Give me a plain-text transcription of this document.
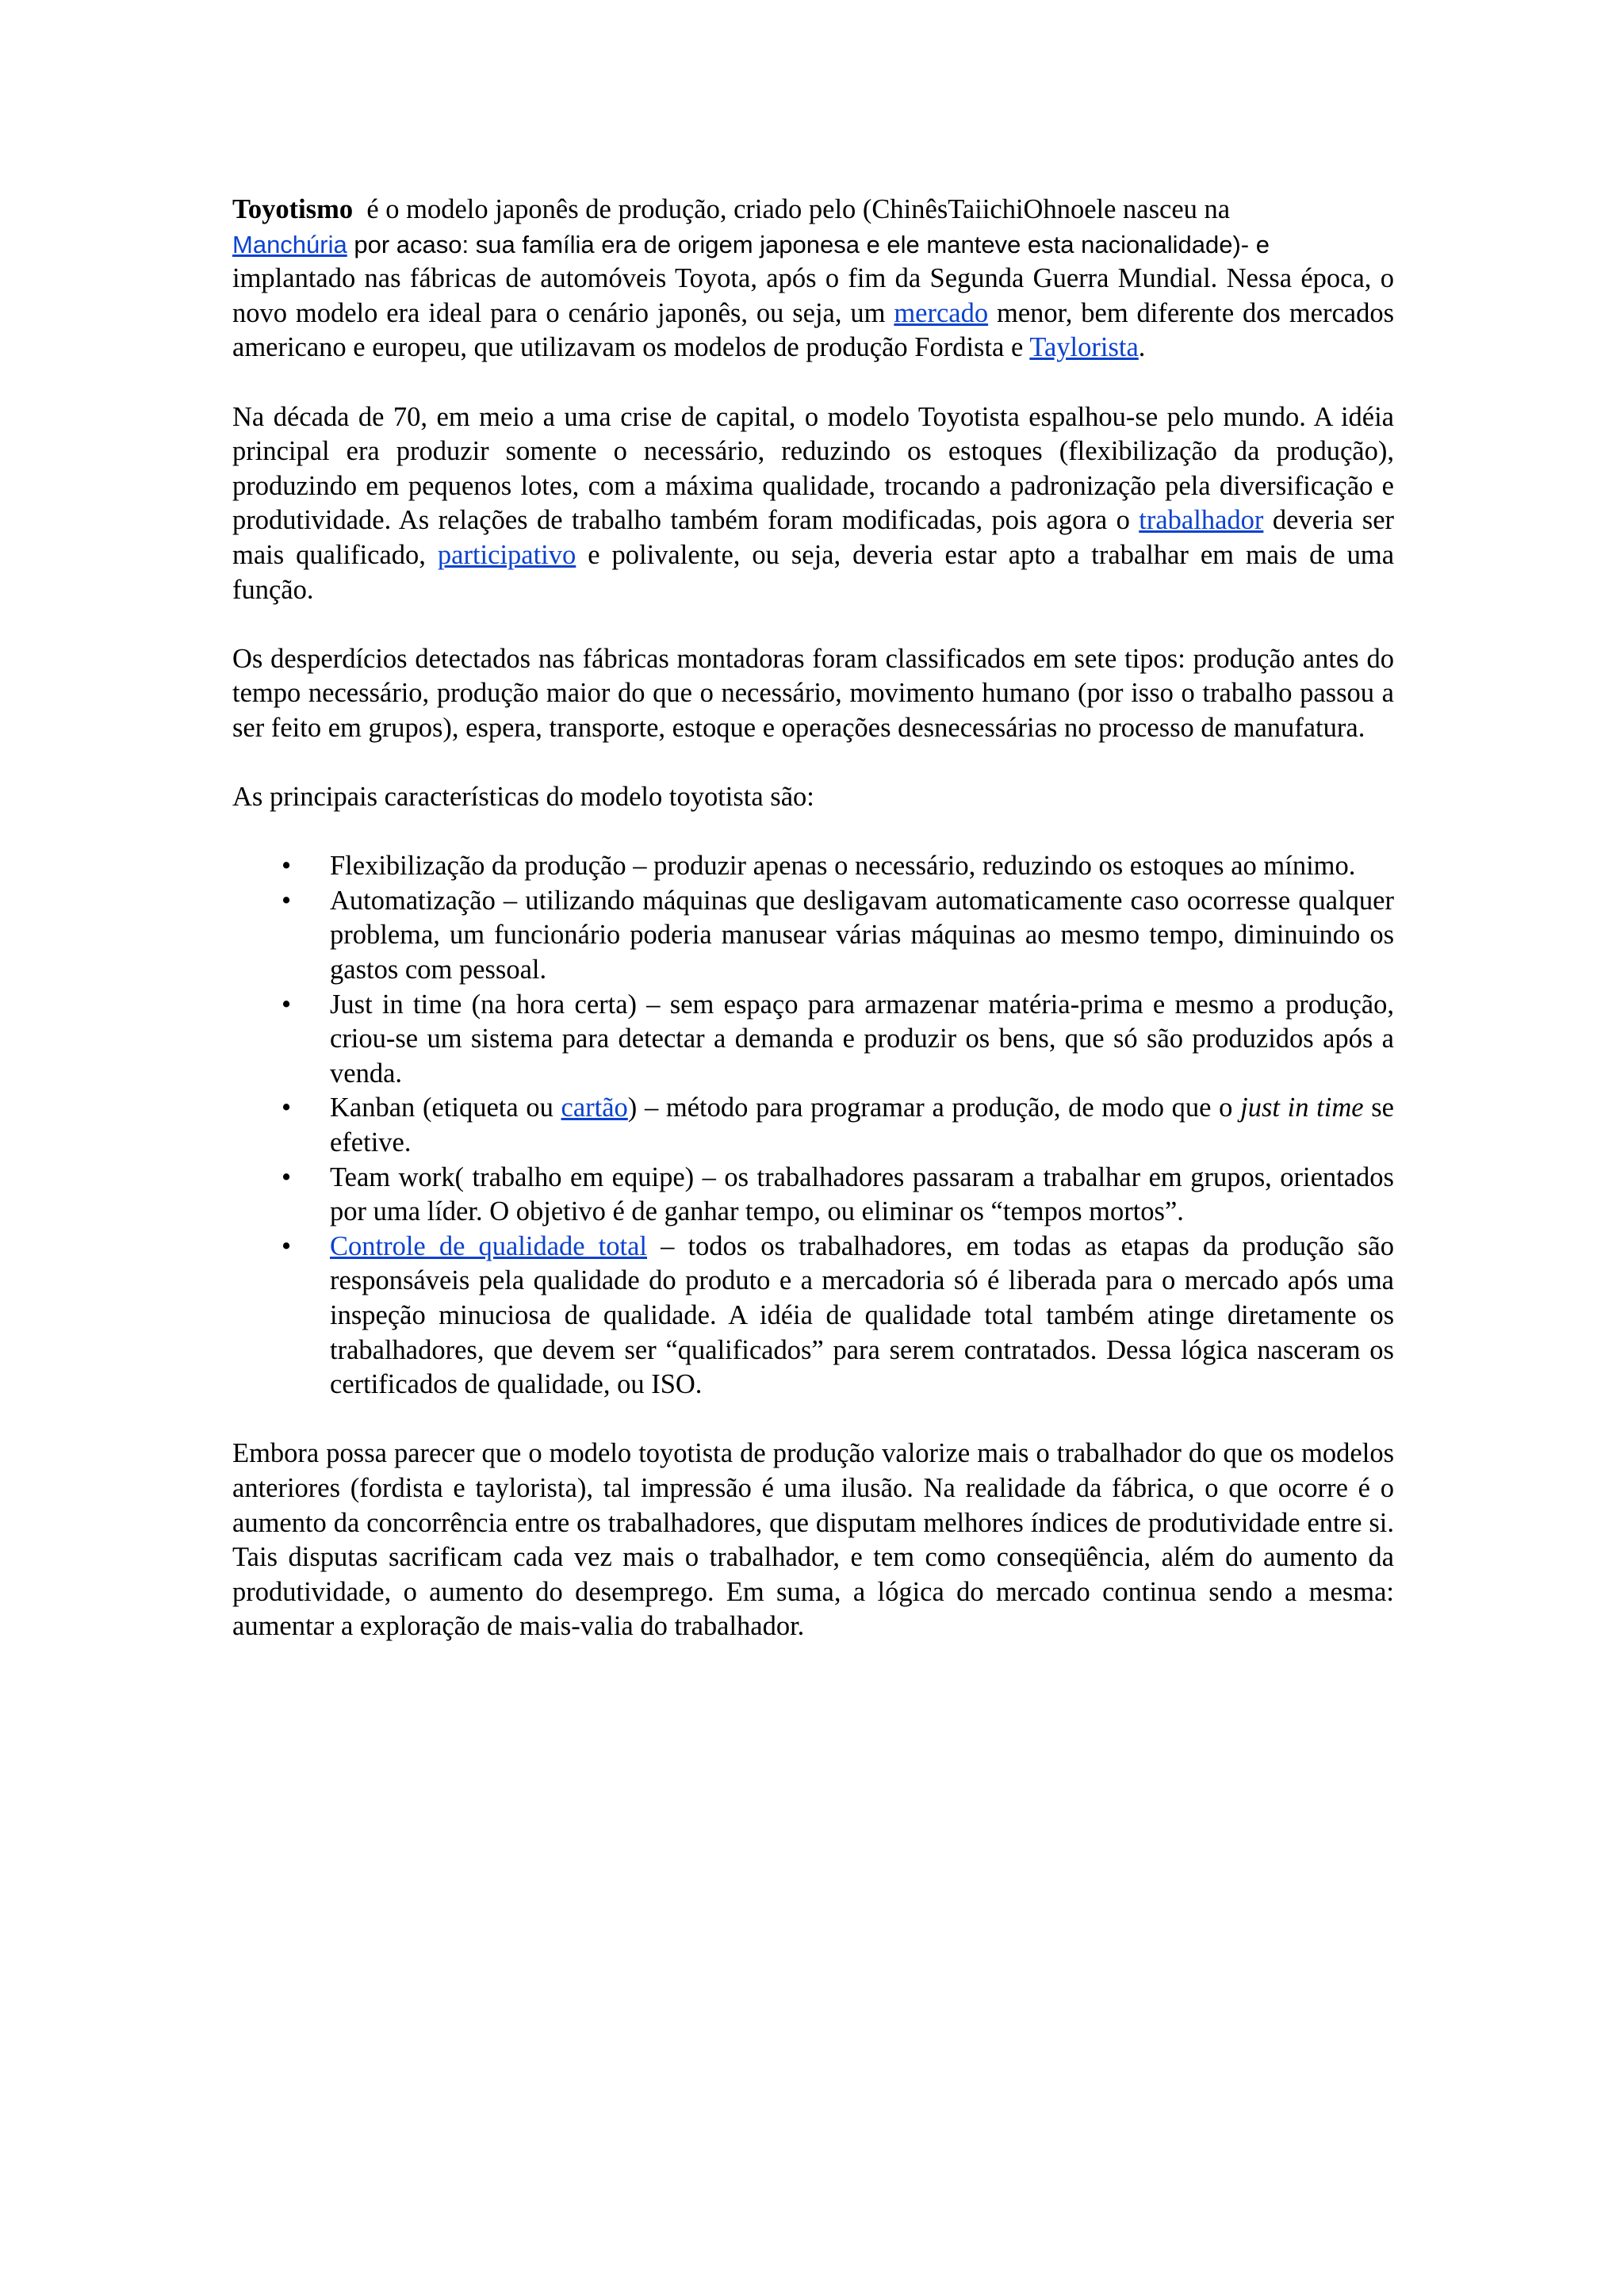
Toyotismo é o modelo japonês de produção, criado pelo (ChinêsTaiichiOhnoele nasceu na
Manchúria por acaso: sua família era de origem japonesa e ele manteve esta nacionalidade)- e
implantado nas fábricas de automóveis Toyota, após o fim da Segunda Guerra Mundial. Nessa época, o novo modelo era ideal para o cenário japonês, ou seja, um mercado menor, bem diferente dos mercados americano e europeu, que utilizavam os modelos de produção Fordista e Taylorista.

Na década de 70, em meio a uma crise de capital, o modelo Toyotista espalhou-se pelo mundo. A idéia principal era produzir somente o necessário, reduzindo os estoques (flexibilização da produção), produzindo em pequenos lotes, com a máxima qualidade, trocando a padronização pela diversificação e produtividade. As relações de trabalho também foram modificadas, pois agora o trabalhador deveria ser mais qualificado, participativo e polivalente, ou seja, deveria estar apto a trabalhar em mais de uma função.

Os desperdícios detectados nas fábricas montadoras foram classificados em sete tipos: produção antes do tempo necessário, produção maior do que o necessário, movimento humano (por isso o trabalho passou a ser feito em grupos), espera, transporte, estoque e operações desnecessárias no processo de manufatura.

As principais características do modelo toyotista são:

• Flexibilização da produção – produzir apenas o necessário, reduzindo os estoques ao mínimo.
• Automatização – utilizando máquinas que desligavam automaticamente caso ocorresse qualquer problema, um funcionário poderia manusear várias máquinas ao mesmo tempo, diminuindo os gastos com pessoal.
• Just in time (na hora certa) – sem espaço para armazenar matéria-prima e mesmo a produção, criou-se um sistema para detectar a demanda e produzir os bens, que só são produzidos após a venda.
• Kanban (etiqueta ou cartão) – método para programar a produção, de modo que o just in time se efetive.
• Team work( trabalho em equipe) – os trabalhadores passaram a trabalhar em grupos, orientados por uma líder. O objetivo é de ganhar tempo, ou eliminar os “tempos mortos”.
• Controle de qualidade total – todos os trabalhadores, em todas as etapas da produção são responsáveis pela qualidade do produto e a mercadoria só é liberada para o mercado após uma inspeção minuciosa de qualidade. A idéia de qualidade total também atinge diretamente os trabalhadores, que devem ser “qualificados” para serem contratados. Dessa lógica nasceram os certificados de qualidade, ou ISO.

Embora possa parecer que o modelo toyotista de produção valorize mais o trabalhador do que os modelos anteriores (fordista e taylorista), tal impressão é uma ilusão. Na realidade da fábrica, o que ocorre é o aumento da concorrência entre os trabalhadores, que disputam melhores índices de produtividade entre si. Tais disputas sacrificam cada vez mais o trabalhador, e tem como conseqüência, além do aumento da produtividade, o aumento do desemprego. Em suma, a lógica do mercado continua sendo a mesma: aumentar a exploração de mais-valia do trabalhador.
